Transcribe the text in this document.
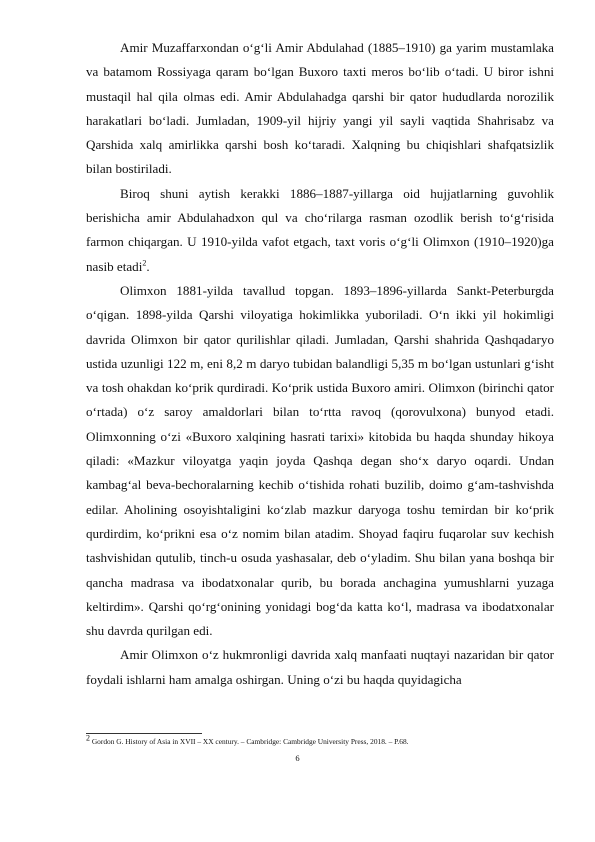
Amir Muzaffarxondan o‘g‘li Amir Abdulahad (1885–1910) ga yarim mustamlaka va batamom Rossiyaga qaram bo‘lgan Buxoro taxti meros bo‘lib o‘tadi. U biror ishni mustaqil hal qila olmas edi. Amir Abdulahadga qarshi bir qator hududlarda norozilik harakatlari bo‘ladi. Jumladan, 1909-yil hijriy yangi yil sayli vaqtida Shahrisabz va Qarshida xalq amirlikka qarshi bosh ko‘taradi. Xalqning bu chiqishlari shafqatsizlik bilan bostiriladi.

Biroq shuni aytish kerakki 1886–1887-yillarga oid hujjatlarning guvohlik berishicha amir Abdulahadxon qul va cho‘rilarga rasman ozodlik berish to‘g‘risida farmon chiqargan. U 1910-yilda vafot etgach, taxt voris o‘g‘li Olimxon (1910–1920)ga nasib etadi$^2$.

Olimxon 1881-yilda tavallud topgan. 1893–1896-yillarda Sankt-Peterburgda o‘qigan. 1898-yilda Qarshi viloyatiga hokimlikka yuboriladi. O‘n ikki yil hokimligi davrida Olimxon bir qator qurilishlar qiladi. Jumladan, Qarshi shahrida Qashqadaryo ustida uzunligi 122 m, eni 8,2 m daryo tubidan balandligi 5,35 m bo‘lgan ustunlari g‘isht va tosh ohakdan ko‘prik qurdiradi. Ko‘prik ustida Buxoro amiri. Olimxon (birinchi qator o‘rtada) o‘z saroy amaldorlari bilan to‘rtta ravoq (qorovulxona) bunyod etadi. Olimxonning o‘zi «Buxoro xalqining hasrati tarixi» kitobida bu haqda shunday hikoya qiladi: «Mazkur viloyatga yaqin joyda Qashqa degan sho‘x daryo oqardi. Undan kambag‘al beva-bechoralarning kechib o‘tishida rohati buzilib, doimo g‘am-tashvishda edilar. Aholining osoyishtaligini ko‘zlab mazkur daryoga toshu temirdan bir ko‘prik qurdirdim, ko‘prikni esa o‘z nomim bilan atadim. Shoyad faqiru fuqarolar suv kechish tashvishidan qutulib, tinch-u osuda yashasalar, deb o‘yladim. Shu bilan yana boshqa bir qancha madrasa va ibodatxonalar qurib, bu borada anchagina yumushlarni yuzaga keltirdim». Qarshi qo‘rg‘onining yonidagi bog‘da katta ko‘l, madrasa va ibodatxonalar shu davrda qurilgan edi.

Amir Olimxon o‘z hukmronligi davrida xalq manfaati nuqtayi nazaridan bir qator foydali ishlarni ham amalga oshirgan. Uning o‘zi bu haqda quyidagicha

$^2$ Gordon G. History of Asia in XVII – XX century. – Cambridge: Cambridge University Press, 2018. – P.68.
6
